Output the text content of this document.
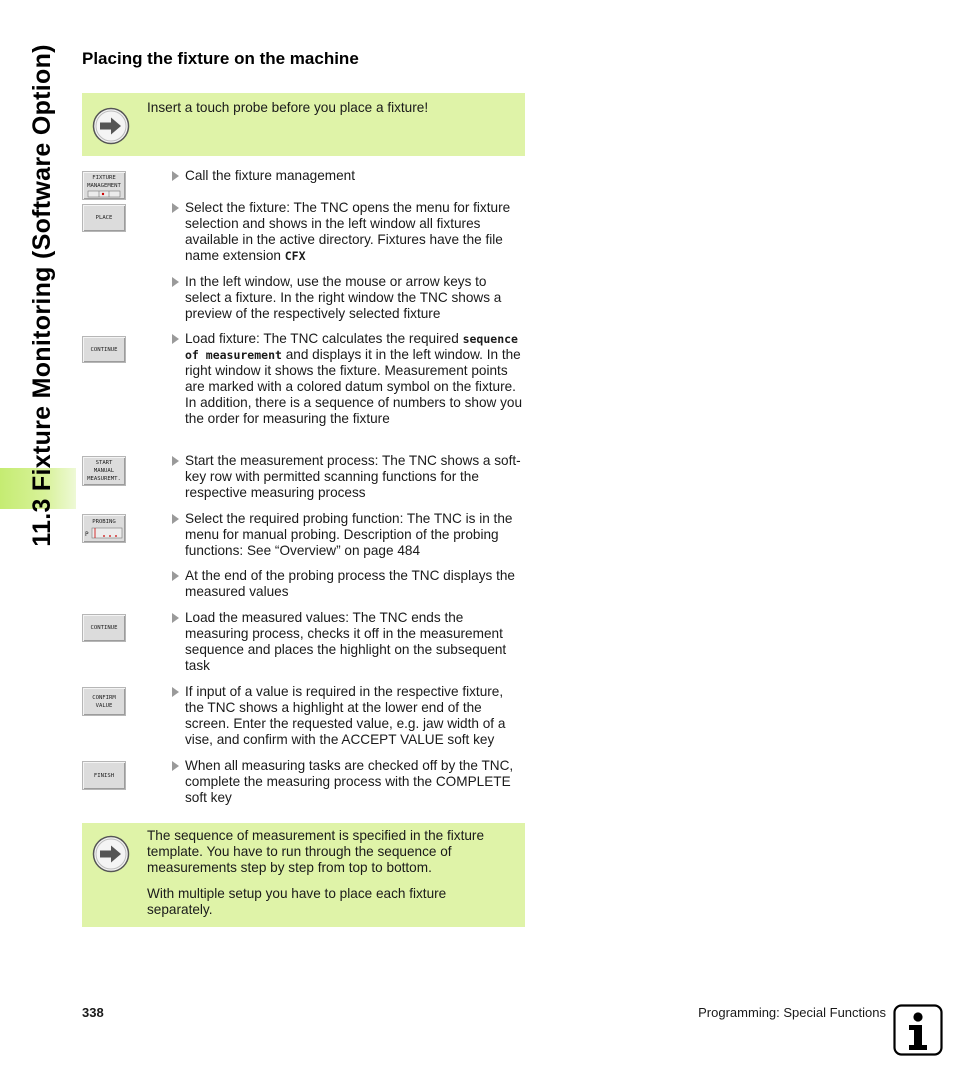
11.3 Fixture Monitoring (Software Option) Placing the fixture on the machine

Insert a touch probe before you place a fixture!

FIXTURE
MANAGEMENT
PLACE
CONTINUE
START
MANUAL
MEASUREMT.
PROBING
P
CONTINUE
CONFIRM
VALUE
FINISH
Call the fixture management
Select the fixture: The TNC opens the menu for fixture selection and shows in the left window all fixtures available in the active directory. Fixtures have the file name extension CFX
In the left window, use the mouse or arrow keys to select a fixture. In the right window the TNC shows a preview of the respectively selected fixture
Load fixture: The TNC calculates the required sequence of measurement and displays it in the left window. In the right window it shows the fixture. Measurement points are marked with a colored datum symbol on the fixture. In addition, there is a sequence of numbers to show you the order for measuring the fixture
Start the measurement process: The TNC shows a soft-key row with permitted scanning functions for the respective measuring process
Select the required probing function: The TNC is in the menu for manual probing. Description of the probing functions: See “Overview” on page 484
At the end of the probing process the TNC displays the measured values
Load the measured values: The TNC ends the measuring process, checks it off in the measurement sequence and places the highlight on the subsequent task
If input of a value is required in the respective fixture, the TNC shows a highlight at the lower end of the screen. Enter the requested value, e.g. jaw width of a vise, and confirm with the ACCEPT VALUE soft key
When all measuring tasks are checked off by the TNC, complete the measuring process with the COMPLETE soft key

The sequence of measurement is specified in the fixture template. You have to run through the sequence of measurements step by step from top to bottom.

With multiple setup you have to place each fixture separately.

338	Programming: Special Functions
